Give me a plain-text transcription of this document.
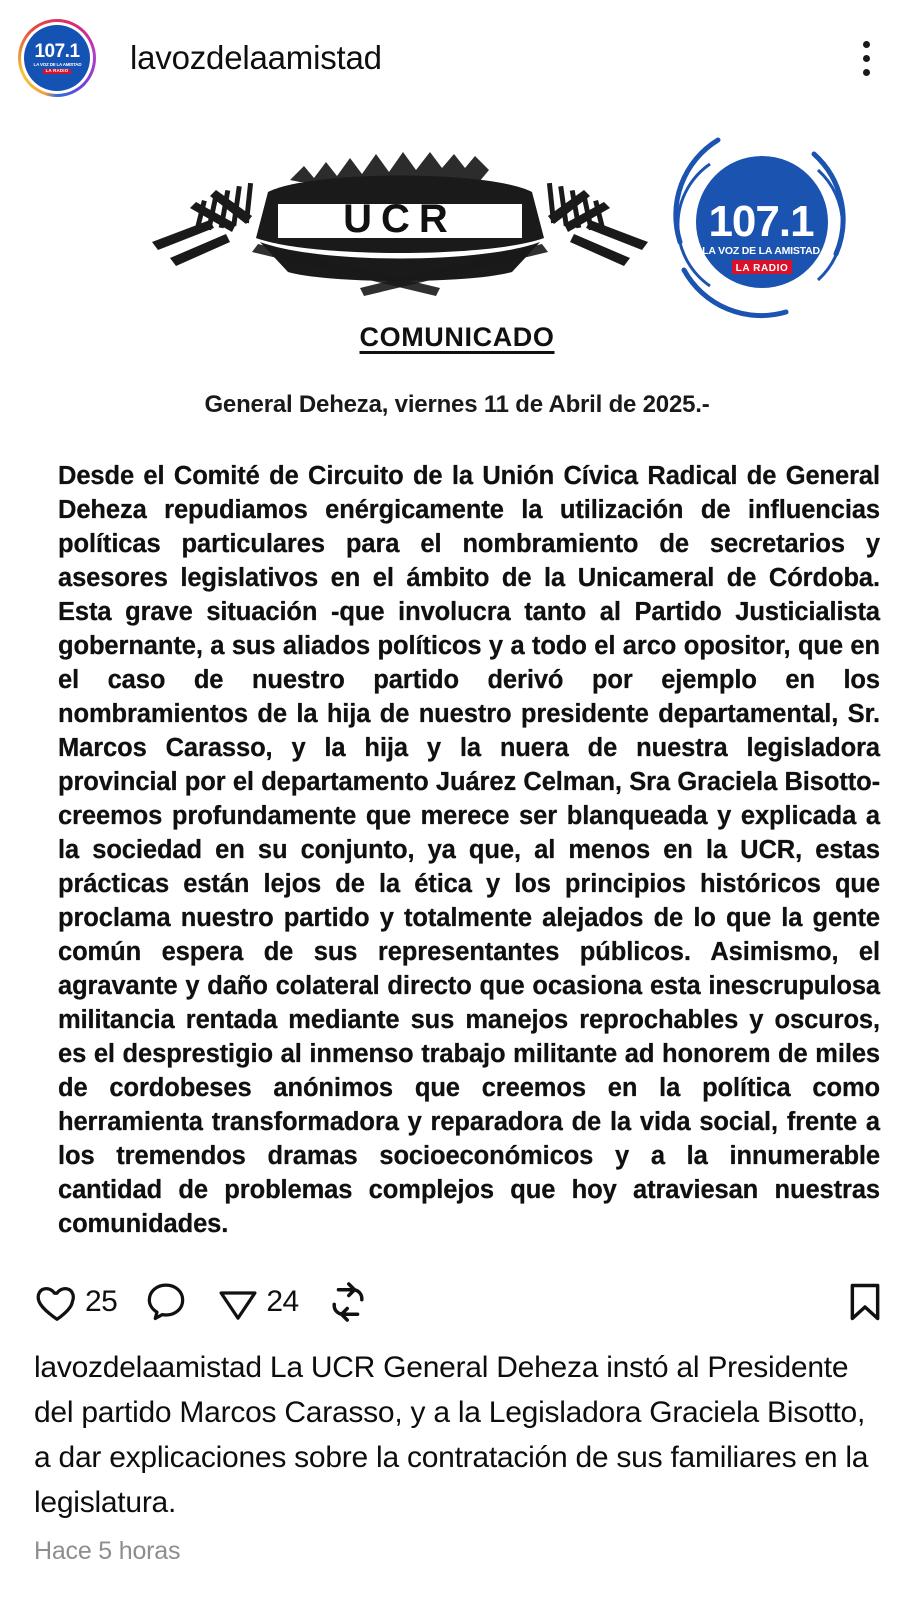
107.1
LA VOZ DE LA AMISTAD
LA RADIO lavozdelaamistad
UCR	107.1
LA VOZ DE LA AMISTAD
LA RADIO
COMUNICADO
General Deheza, viernes 11 de Abril de 2025.-
Desde el Comité de Circuito de la Unión Cívica Radical de General Deheza repudiamos enérgicamente la utilización de influencias políticas particulares para el nombramiento de secretarios y asesores legislativos en el ámbito de la Unicameral de Córdoba. Esta grave situación -que involucra tanto al Partido Justicialista gobernante, a sus aliados políticos y a todo el arco opositor, que en el caso de nuestro partido derivó por ejemplo en los nombramientos de la hija de nuestro presidente departamental, Sr. Marcos Carasso, y la hija y la nuera de nuestra legisladora provincial por el departamento Juárez Celman, Sra Graciela Bisotto- creemos profundamente que merece ser blanqueada y explicada a la sociedad en su conjunto, ya que, al menos en la UCR, estas prácticas están lejos de la ética y los principios históricos que proclama nuestro partido y totalmente alejados de lo que la gente común espera de sus representantes públicos. Asimismo, el agravante y daño colateral directo que ocasiona esta inescrupulosa militancia rentada mediante sus manejos reprochables y oscuros, es el desprestigio al inmenso trabajo militante ad honorem de miles de cordobeses anónimos que creemos en la política como herramienta transformadora y reparadora de la vida social, frente a los tremendos dramas socioeconómicos y a la innumerable cantidad de problemas complejos que hoy atraviesan nuestras comunidades.
25	24
lavozdelaamistad La UCR General Deheza instó al Presidente del partido Marcos Carasso, y a la Legisladora Graciela Bisotto, a dar explicaciones sobre la contratación de sus familiares en la legislatura.
Hace 5 horas
